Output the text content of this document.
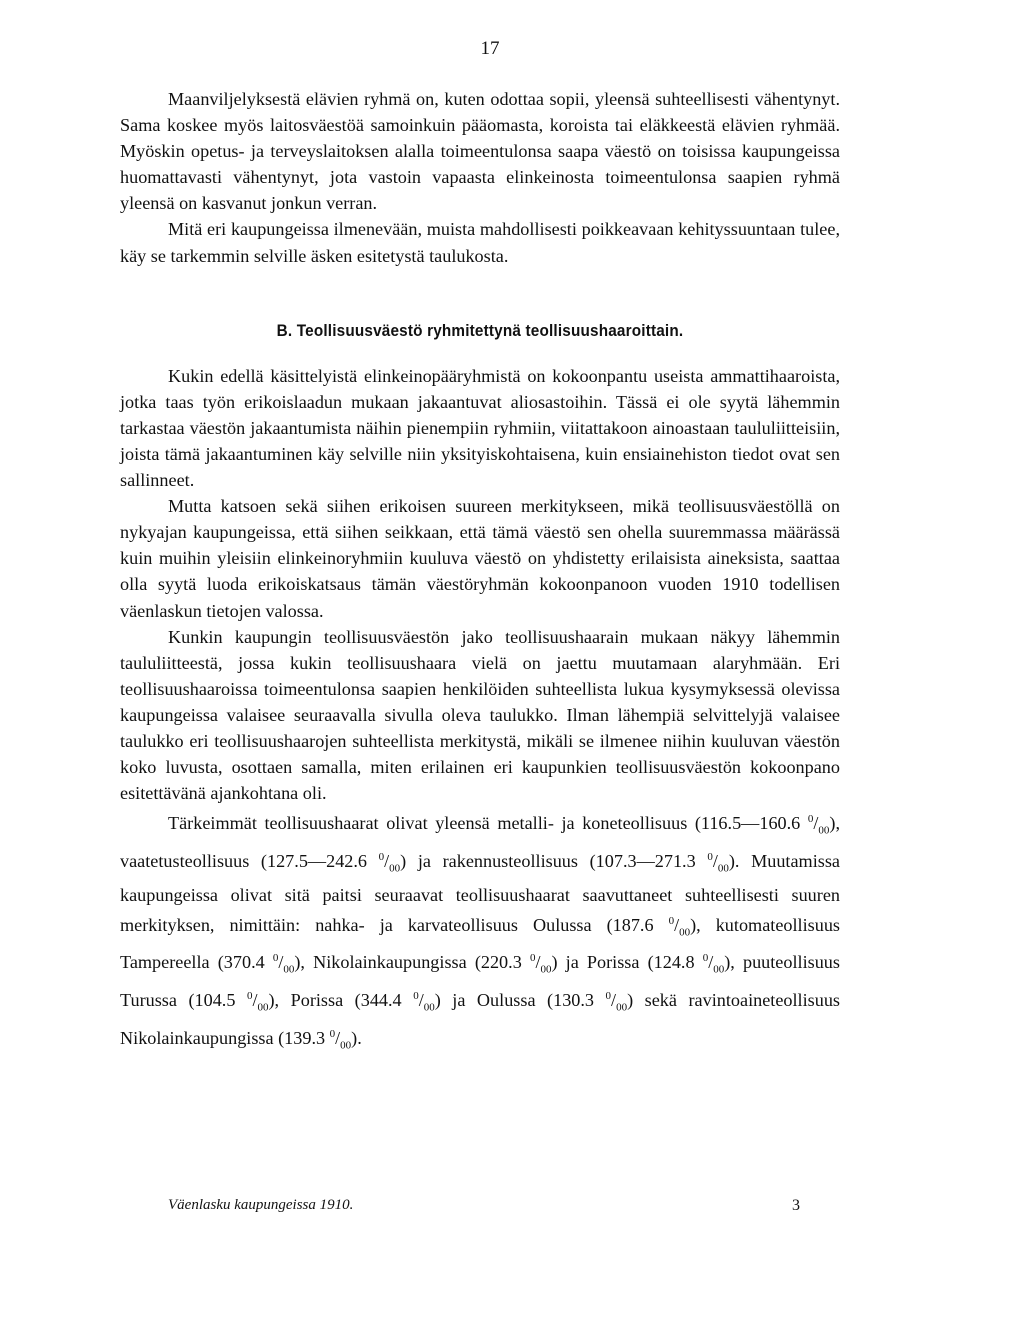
17

Maanviljelyksestä elävien ryhmä on, kuten odottaa sopii, yleensä suhteellisesti vähentynyt. Sama koskee myös laitosväestöä samoinkuin pääomasta, koroista tai eläkkeestä elävien ryhmää. Myöskin opetus- ja terveyslaitoksen alalla toimeentulonsa saapa väestö on toisissa kaupungeissa huomattavasti vähentynyt, jota vastoin vapaasta elinkeinosta toimeentulonsa saapien ryhmä yleensä on kasvanut jonkun verran.

Mitä eri kaupungeissa ilmenevään, muista mahdollisesti poikkeavaan kehityssuuntaan tulee, käy se tarkemmin selville äsken esitetystä taulukosta.

B. Teollisuusväestö ryhmitettynä teollisuushaaroittain.

Kukin edellä käsittelyistä elinkeinopääryhmistä on kokoonpantu useista ammattihaaroista, jotka taas työn erikoislaadun mukaan jakaantuvat aliosastoihin. Tässä ei ole syytä lähemmin tarkastaa väestön jakaantumista näihin pienempiin ryhmiin, viitattakoon ainoastaan taululiitteisiin, joista tämä jakaantuminen käy selville niin yksityiskohtaisena, kuin ensiainehiston tiedot ovat sen sallinneet.

Mutta katsoen sekä siihen erikoisen suureen merkitykseen, mikä teollisuusväestöllä on nykyajan kaupungeissa, että siihen seikkaan, että tämä väestö sen ohella suuremmassa määrässä kuin muihin yleisiin elinkeinoryhmiin kuuluva väestö on yhdistetty erilaisista aineksista, saattaa olla syytä luoda erikoiskatsaus tämän väestöryhmän kokoonpanoon vuoden 1910 todellisen väenlaskun tietojen valossa.

Kunkin kaupungin teollisuusväestön jako teollisuushaarain mukaan näkyy lähemmin taululiitteestä, jossa kukin teollisuushaara vielä on jaettu muutamaan alaryhmään. Eri teollisuushaaroissa toimeentulonsa saapien henkilöiden suhteellista lukua kysymyksessä olevissa kaupungeissa valaisee seuraavalla sivulla oleva taulukko. Ilman lähempiä selvittelyjä valaisee taulukko eri teollisuushaarojen suhteellista merkitystä, mikäli se ilmenee niihin kuuluvan väestön koko luvusta, osottaen samalla, miten erilainen eri kaupunkien teollisuusväestön kokoonpano esitettävänä ajankohtana oli.

Tärkeimmät teollisuushaarat olivat yleensä metalli- ja koneteollisuus (116.5—160.6 $^0/_{00}$), vaatetusteollisuus (127.5—242.6 $^0/_{00}$) ja rakennusteollisuus (107.3—271.3 $^0/_{00}$). Muutamissa kaupungeissa olivat sitä paitsi seuraavat teollisuushaarat saavuttaneet suhteellisesti suuren merkityksen, nimittäin: nahka- ja karvateollisuus Oulussa (187.6 $^0/_{00}$), kutomateollisuus Tampereella (370.4 $^0/_{00}$), Nikolainkaupungissa (220.3 $^0/_{00}$) ja Porissa (124.8 $^0/_{00}$), puuteollisuus Turussa (104.5 $^0/_{00}$), Porissa (344.4 $^0/_{00}$) ja Oulussa (130.3 $^0/_{00}$) sekä ravintoaineteollisuus Nikolainkaupungissa (139.3 $^0/_{00}$).

Väenlasku kaupungeissa 1910.	3
